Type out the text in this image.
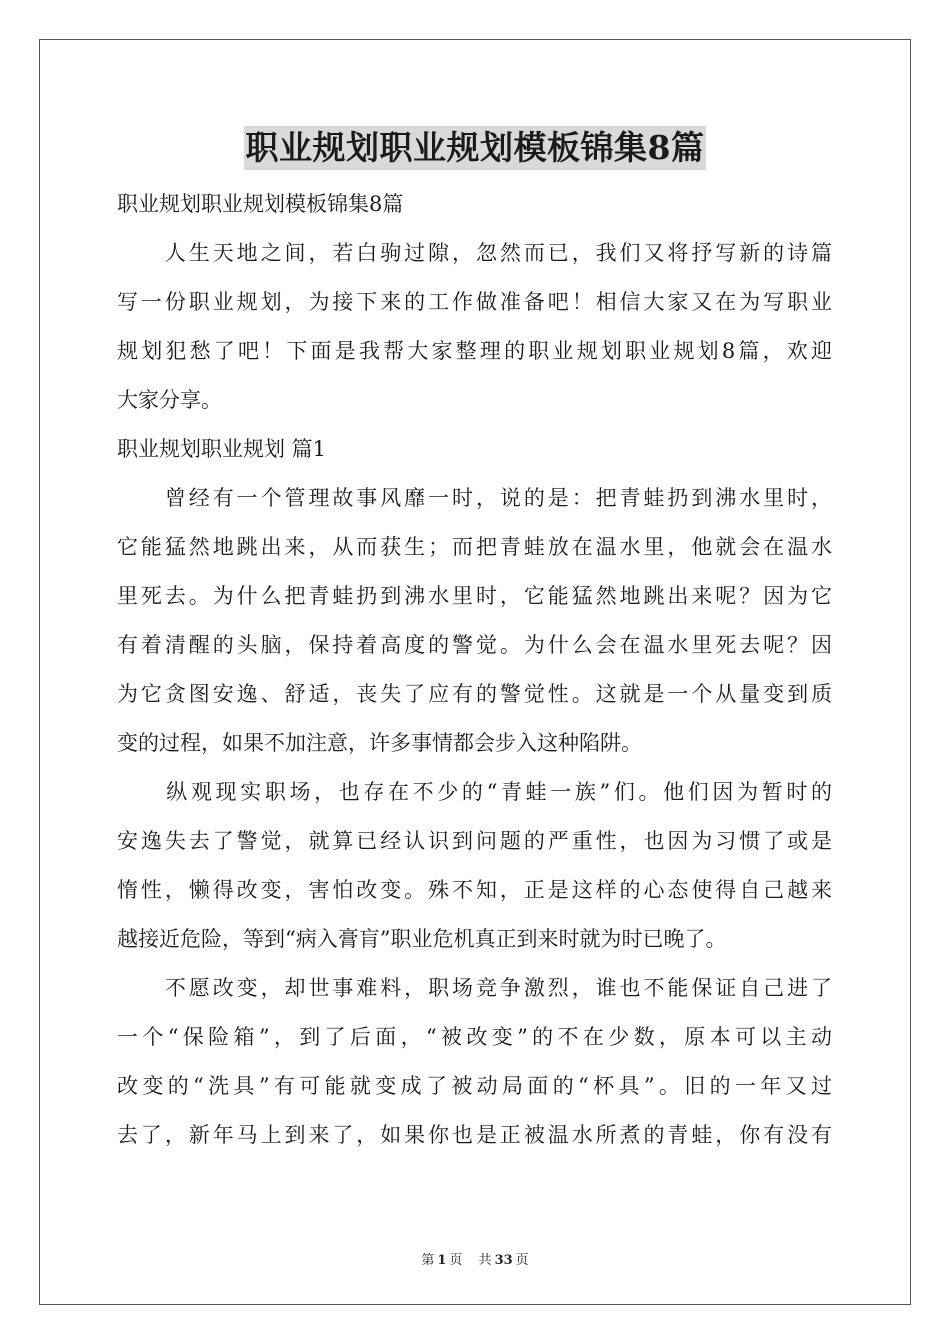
职业规划职业规划模板锦集8篇
职业规划职业规划模板锦集8篇
　　人生天地之间，若白驹过隙，忽然而已，我们又将抒写新的诗篇
写一份职业规划，为接下来的工作做准备吧！相信大家又在为写职业
规划犯愁了吧！下面是我帮大家整理的职业规划职业规划8篇，欢迎
大家分享。
职业规划职业规划 篇1
　　曾经有一个管理故事风靡一时，说的是：把青蛙扔到沸水里时，
它能猛然地跳出来，从而获生；而把青蛙放在温水里，他就会在温水
里死去。为什么把青蛙扔到沸水里时，它能猛然地跳出来呢？因为它
有着清醒的头脑，保持着高度的警觉。为什么会在温水里死去呢？因
为它贪图安逸、舒适，丧失了应有的警觉性。这就是一个从量变到质
变的过程，如果不加注意，许多事情都会步入这种陷阱。
　　纵观现实职场，也存在不少的“青蛙一族”们。他们因为暂时的
安逸失去了警觉，就算已经认识到问题的严重性，也因为习惯了或是
惰性，懒得改变，害怕改变。殊不知，正是这样的心态使得自己越来
越接近危险，等到“病入膏肓”职业危机真正到来时就为时已晚了。
　　不愿改变，却世事难料，职场竞争激烈，谁也不能保证自己进了
一个“保险箱”，到了后面，“被改变”的不在少数，原本可以主动
改变的“洗具”有可能就变成了被动局面的“杯具”。旧的一年又过
去了，新年马上到来了，如果你也是正被温水所煮的青蛙，你有没有
第 1 页 共 33 页
